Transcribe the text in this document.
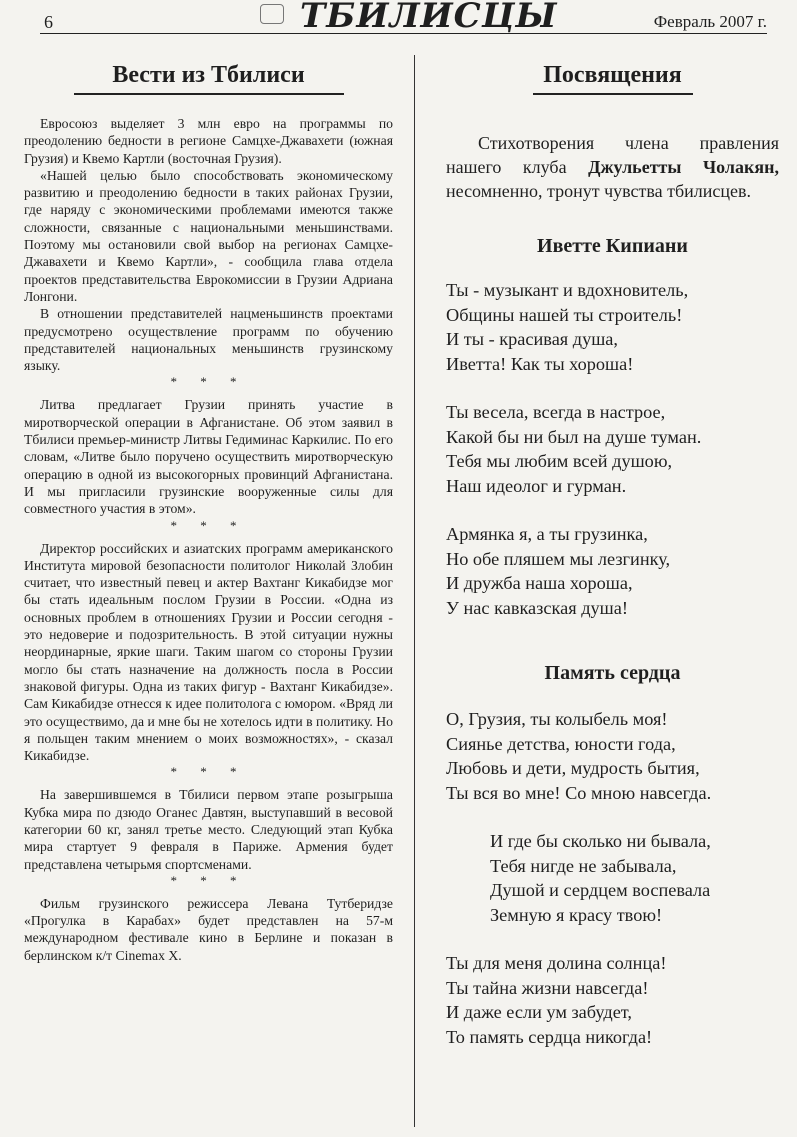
6	ТБИЛИСЦЫ	Февраль 2007 г.
Вести из Тбилиси

Евросоюз выделяет 3 млн евро на программы по преодолению бедности в регионе Самцхе-Джавахети (южная Грузия) и Квемо Картли (восточная Грузия).

«Нашей целью было способствовать экономическому развитию и преодолению бедности в таких районах Грузии, где наряду с экономическими проблемами имеются также сложности, связанные с национальными меньшинствами. Поэтому мы остановили свой выбор на регионах Самцхе-Джавахети и Квемо Картли», - сообщила глава отдела проектов представительства Еврокомиссии в Грузии Адриана Лонгони.

В отношении представителей нацменьшинств проектами предусмотрено осуществление программ по обучению представителей национальных меньшинств грузинскому языку.

* * *

Литва предлагает Грузии принять участие в миротворческой операции в Афганистане. Об этом заявил в Тбилиси премьер-министр Литвы Гедиминас Каркилис. По его словам, «Литве было поручено осуществить миротворческую операцию в одной из высокогорных провинций Афганистана. И мы пригласили грузинские вооруженные силы для совместного участия в этом».

* * *

Директор российских и азиатских программ американского Института мировой безопасности политолог Николай Злобин считает, что известный певец и актер Вахтанг Кикабидзе мог бы стать идеальным послом Грузии в России. «Одна из основных проблем в отношениях Грузии и России сегодня - это недоверие и подозрительность. В этой ситуации нужны неординарные, яркие шаги. Таким шагом со стороны Грузии могло бы стать назначение на должность посла в России знаковой фигуры. Одна из таких фигур - Вахтанг Кикабидзе». Сам Кикабидзе отнесся к идее политолога с юмором. «Вряд ли это осуществимо, да и мне бы не хотелось идти в политику. Но я польщен таким мнением о моих возможностях», - сказал Кикабидзе.

* * *

На завершившемся в Тбилиси первом этапе розыгрыша Кубка мира по дзюдо Оганес Давтян, выступавший в весовой категории 60 кг, занял третье место. Следующий этап Кубка мира стартует 9 февраля в Париже. Армения будет представлена четырьмя спортсменами.

* * *

Фильм грузинского режиссера Левана Тутберидзе «Прогулка в Карабах» будет представлен на 57-м международном фестивале кино в Берлине и показан в берлинском к/т Cinemax X.

Посвящения

Стихотворения члена правления нашего клуба Джульетты Чолакян, несомненно, тронут чувства тбилисцев.

Иветте Кипиани

Ты - музыкант и вдохновитель,
Общины нашей ты строитель!
И ты - красивая душа,
Иветта! Как ты хороша!

Ты весела, всегда в настрое,
Какой бы ни был на душе туман.
Тебя мы любим всей душою,
Наш идеолог и гурман.

Армянка я, а ты грузинка,
Но обе пляшем мы лезгинку,
И дружба наша хороша,
У нас кавказская душа!

Память сердца

О, Грузия, ты колыбель моя!
Сиянье детства, юности года,
Любовь и дети, мудрость бытия,
Ты вся во мне! Со мною навсегда.

И где бы сколько ни бывала,
Тебя нигде не забывала,
Душой и сердцем воспевала
Земную я красу твою!

Ты для меня долина солнца!
Ты тайна жизни навсегда!
И даже если ум забудет,
То память сердца никогда!
